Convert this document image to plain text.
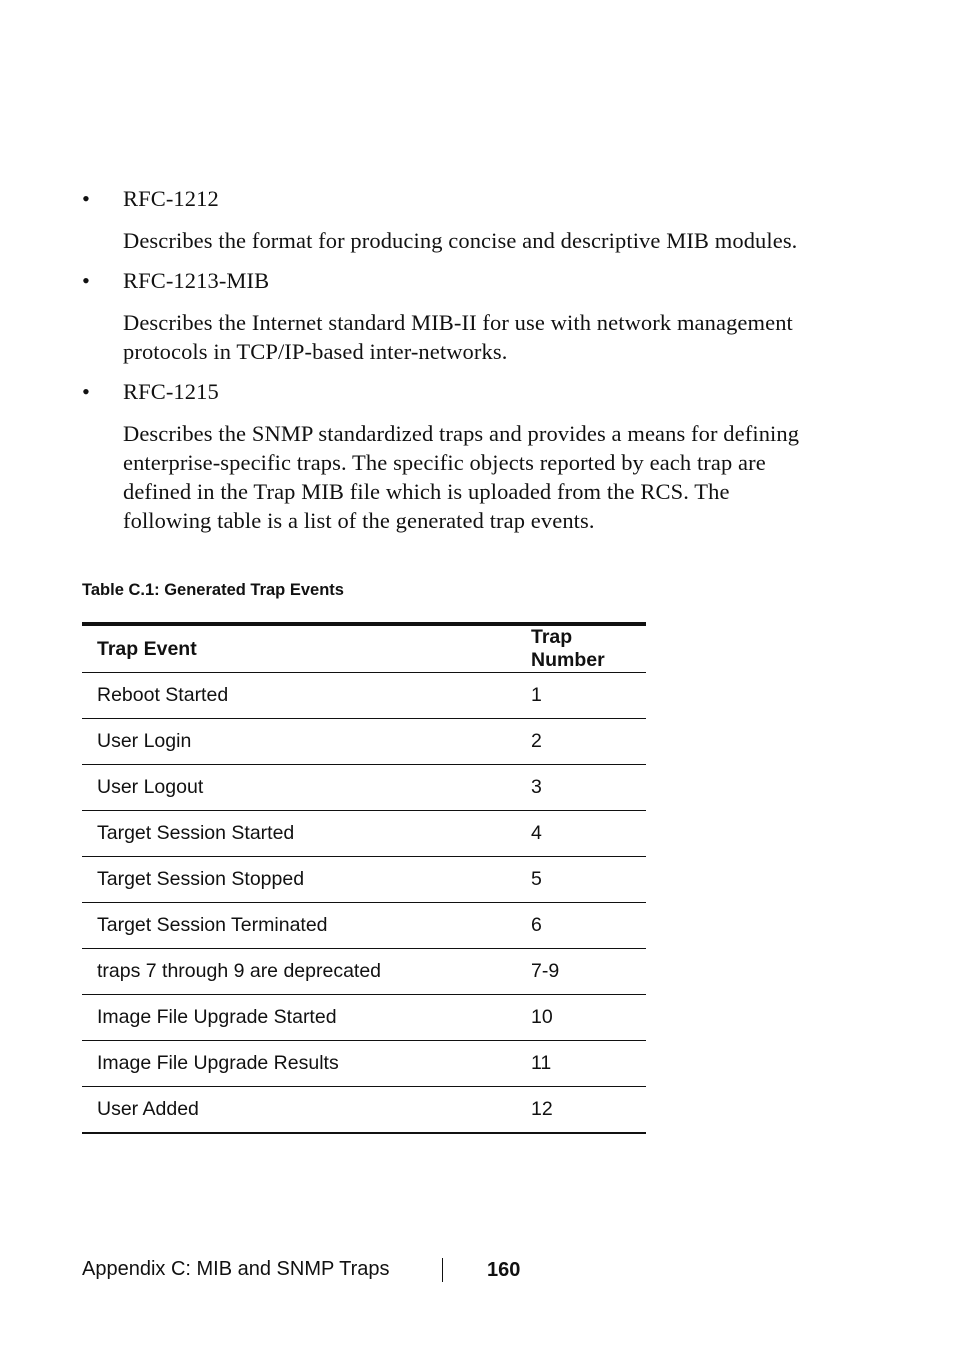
•	RFC-1212
Describes the format for producing concise and descriptive MIB modules.
•	RFC-1213-MIB
Describes the Internet standard MIB-II for use with network management protocols in TCP/IP-based inter-networks.
•	RFC-1215
Describes the SNMP standardized traps and provides a means for defining enterprise-specific traps. The specific objects reported by each trap are defined in the Trap MIB file which is uploaded from the RCS. The following table is a list of the generated trap events.
Table C.1: Generated Trap Events
Trap Event	Trap Number
Reboot Started	1
User Login	2
User Logout	3
Target Session Started	4
Target Session Stopped	5
Target Session Terminated	6
traps 7 through 9 are deprecated	7-9
Image File Upgrade Started	10
Image File Upgrade Results	11
User Added	12
Appendix C: MIB and SNMP Traps	160
